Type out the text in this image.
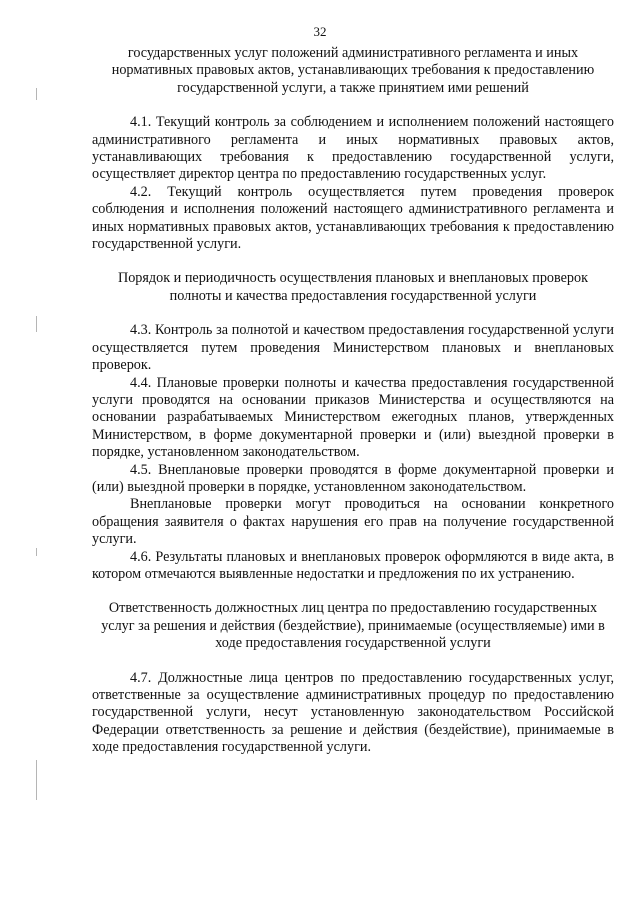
32

государственных услуг положений административного регламента и иных нормативных правовых актов, устанавливающих требования к предоставлению государственной услуги, а также принятием ими решений

4.1. Текущий контроль за соблюдением и исполнением положений настоящего административного регламента и иных нормативных правовых актов, устанавливающих требования к предоставлению государственной услуги, осуществляет директор центра по предоставлению государственных услуг.

4.2. Текущий контроль осуществляется путем проведения проверок соблюдения и исполнения положений настоящего административного регламента и иных нормативных правовых актов, устанавливающих требования к предоставлению государственной услуги.

Порядок и периодичность осуществления плановых и внеплановых проверок полноты и качества предоставления государственной услуги

4.3. Контроль за полнотой и качеством предоставления государственной услуги осуществляется путем проведения Министерством плановых и внеплановых проверок.

4.4. Плановые проверки полноты и качества предоставления государственной услуги проводятся на основании приказов Министерства и осуществляются на основании разрабатываемых Министерством ежегодных планов, утвержденных Министерством, в форме документарной проверки и (или) выездной проверки в порядке, установленном законодательством.

4.5. Внеплановые проверки проводятся в форме документарной проверки и (или) выездной проверки в порядке, установленном законодательством.

Внеплановые проверки могут проводиться на основании конкретного обращения заявителя о фактах нарушения его прав на получение государственной услуги.

4.6. Результаты плановых и внеплановых проверок оформляются в виде акта, в котором отмечаются выявленные недостатки и предложения по их устранению.

Ответственность должностных лиц центра по предоставлению государственных услуг за решения и действия (бездействие), принимаемые (осуществляемые) ими в ходе предоставления государственной услуги

4.7. Должностные лица центров по предоставлению государственных услуг, ответственные за осуществление административных процедур по предоставлению государственной услуги, несут установленную законодательством Российской Федерации ответственность за решение и действия (бездействие), принимаемые в ходе предоставления государственной услуги.
